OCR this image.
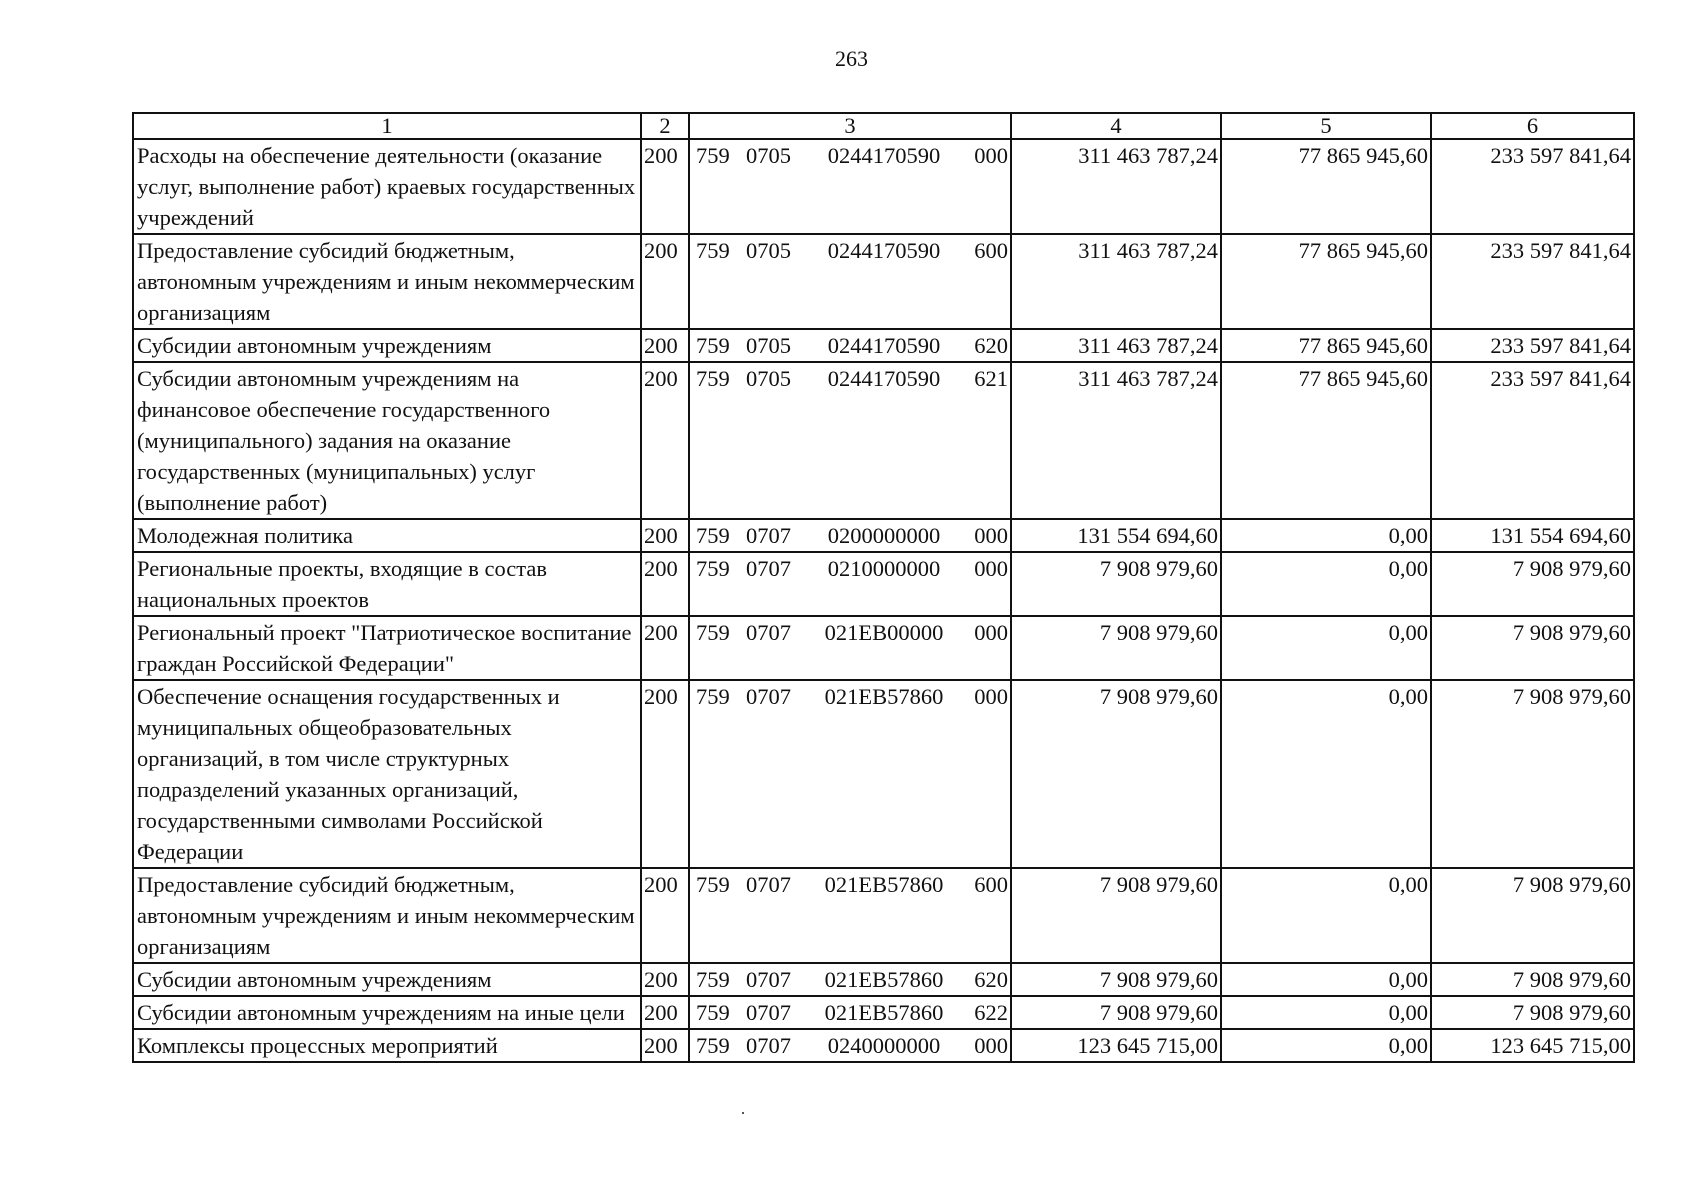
263
1	2	3	4	5	6
Расходы на обеспечение деятельности (оказание услуг, выполнение работ) краевых государственных учреждений	200	759 0705 0244170590 000	311 463 787,24	77 865 945,60	233 597 841,64
Предоставление субсидий бюджетным, автономным учреждениям и иным некоммерческим организациям	200	759 0705 0244170590 600	311 463 787,24	77 865 945,60	233 597 841,64
Субсидии автономным учреждениям	200	759 0705 0244170590 620	311 463 787,24	77 865 945,60	233 597 841,64
Субсидии автономным учреждениям на финансовое обеспечение государственного (муниципального) задания на оказание государственных (муниципальных) услуг (выполнение работ)	200	759 0705 0244170590 621	311 463 787,24	77 865 945,60	233 597 841,64
Молодежная политика	200	759 0707 0200000000 000	131 554 694,60	0,00	131 554 694,60
Региональные проекты, входящие в состав национальных проектов	200	759 0707 0210000000 000	7 908 979,60	0,00	7 908 979,60
Региональный проект "Патриотическое воспитание граждан Российской Федерации"	200	759 0707 021EB00000 000	7 908 979,60	0,00	7 908 979,60
Обеспечение оснащения государственных и муниципальных общеобразовательных организаций, в том числе структурных подразделений указанных организаций, государственными символами Российской Федерации	200	759 0707 021EB57860 000	7 908 979,60	0,00	7 908 979,60
Предоставление субсидий бюджетным, автономным учреждениям и иным некоммерческим организациям	200	759 0707 021EB57860 600	7 908 979,60	0,00	7 908 979,60
Субсидии автономным учреждениям	200	759 0707 021EB57860 620	7 908 979,60	0,00	7 908 979,60
Субсидии автономным учреждениям на иные цели	200	759 0707 021EB57860 622	7 908 979,60	0,00	7 908 979,60
Комплексы процессных мероприятий	200	759 0707 0240000000 000	123 645 715,00	0,00	123 645 715,00
